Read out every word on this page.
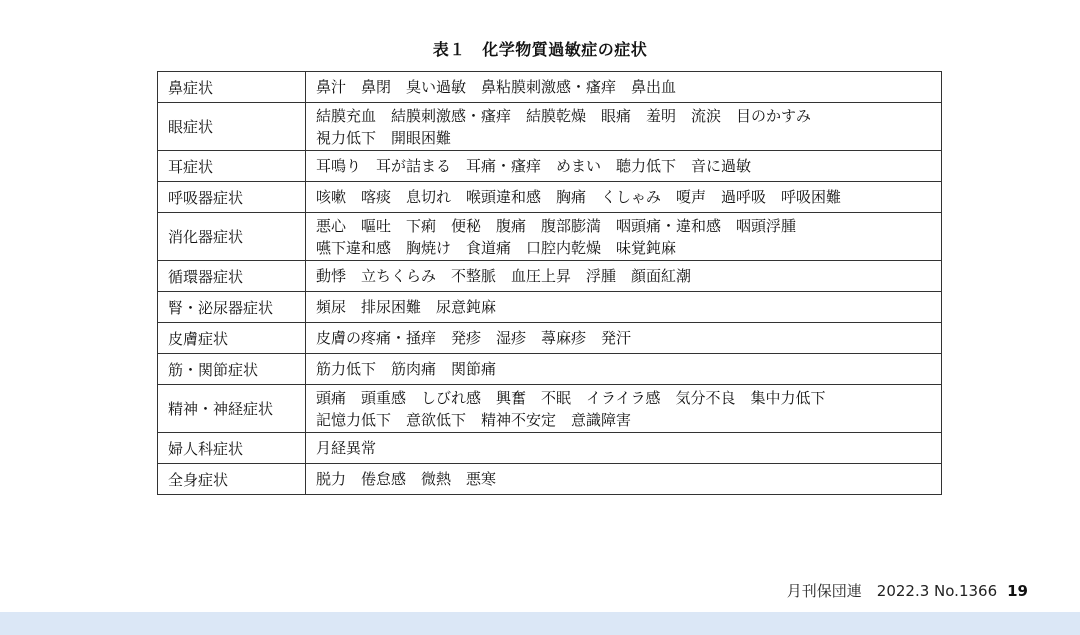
表１　化学物質過敏症の症状
鼻症状	鼻汁　鼻閉　臭い過敏　鼻粘膜刺激感・瘙痒　鼻出血

眼症状	結膜充血　結膜刺激感・瘙痒　結膜乾燥　眼痛　羞明　流涙　目のかすみ
視力低下　開眼困難

耳症状	耳鳴り　耳が詰まる　耳痛・瘙痒　めまい　聴力低下　音に過敏

呼吸器症状	咳嗽　喀痰　息切れ　喉頭違和感　胸痛　くしゃみ　嗄声　過呼吸　呼吸困難

消化器症状	悪心　嘔吐　下痢　便秘　腹痛　腹部膨満　咽頭痛・違和感　咽頭浮腫
嚥下違和感　胸焼け　食道痛　口腔内乾燥　味覚鈍麻

循環器症状	動悸　立ちくらみ　不整脈　血圧上昇　浮腫　顔面紅潮

腎・泌尿器症状	頻尿　排尿困難　尿意鈍麻

皮膚症状	皮膚の疼痛・掻痒　発疹　湿疹　蕁麻疹　発汗

筋・関節症状	筋力低下　筋肉痛　関節痛

精神・神経症状	頭痛　頭重感　しびれ感　興奮　不眠　イライラ感　気分不良　集中力低下
記憶力低下　意欲低下　精神不安定　意識障害

婦人科症状	月経異常

全身症状	脱力　倦怠感　微熱　悪寒
月刊保団連　2022.3 No.1366 19
